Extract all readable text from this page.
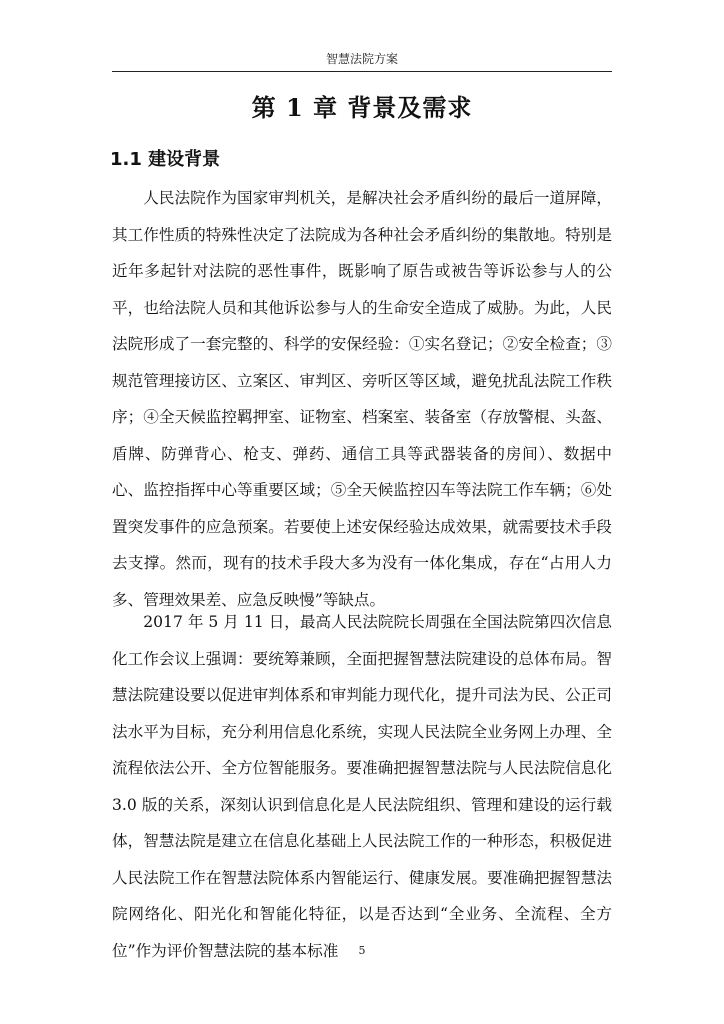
智慧法院方案
第 1 章 背景及需求
1.1 建设背景

人民法院作为国家审判机关，是解决社会矛盾纠纷的最后一道屏障，其工作性质的特殊性决定了法院成为各种社会矛盾纠纷的集散地。特别是近年多起针对法院的恶性事件，既影响了原告或被告等诉讼参与人的公平，也给法院人员和其他诉讼参与人的生命安全造成了威胁。为此，人民法院形成了一套完整的、科学的安保经验：①实名登记；②安全检查；③规范管理接访区、立案区、审判区、旁听区等区域，避免扰乱法院工作秩序；④全天候监控羁押室、证物室、档案室、装备室（存放警棍、头盔、盾牌、防弹背心、枪支、弹药、通信工具等武器装备的房间）、数据中心、监控指挥中心等重要区域；⑤全天候监控囚车等法院工作车辆；⑥处置突发事件的应急预案。若要使上述安保经验达成效果，就需要技术手段去支撑。然而，现有的技术手段大多为没有一体化集成，存在“占用人力多、管理效果差、应急反映慢”等缺点。

2017 年 5 月 11 日，最高人民法院院长周强在全国法院第四次信息化工作会议上强调：要统筹兼顾，全面把握智慧法院建设的总体布局。智慧法院建设要以促进审判体系和审判能力现代化，提升司法为民、公正司法水平为目标，充分利用信息化系统，实现人民法院全业务网上办理、全流程依法公开、全方位智能服务。要准确把握智慧法院与人民法院信息化 3.0 版的关系，深刻认识到信息化是人民法院组织、管理和建设的运行载体，智慧法院是建立在信息化基础上人民法院工作的一种形态，积极促进人民法院工作在智慧法院体系内智能运行、健康发展。要准确把握智慧法院网络化、阳光化和智能化特征，以是否达到“全业务、全流程、全方位”作为评价智慧法院的基本标准	5
